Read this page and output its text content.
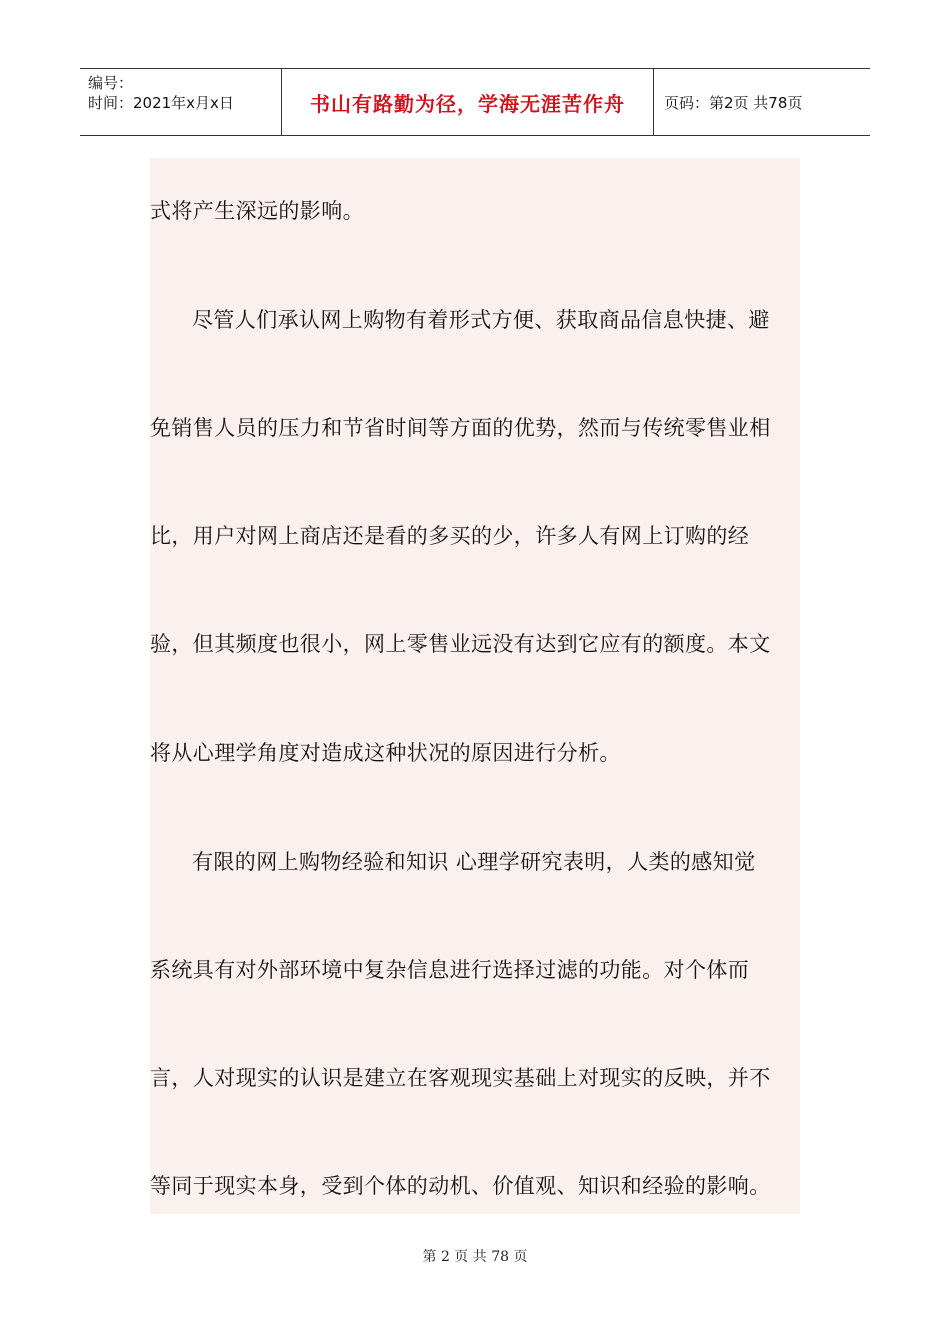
编号：
时间：2021年x月x日	书山有路勤为径，学海无涯苦作舟	页码：第2页 共78页
式将产生深远的影响。
尽管人们承认网上购物有着形式方便、获取商品信息快捷、避
免销售人员的压力和节省时间等方面的优势，然而与传统零售业相
比，用户对网上商店还是看的多买的少，许多人有网上订购的经
验，但其频度也很小，网上零售业远没有达到它应有的额度。本文
将从心理学角度对造成这种状况的原因进行分析。
有限的网上购物经验和知识 心理学研究表明，人类的感知觉
系统具有对外部环境中复杂信息进行选择过滤的功能。对个体而
言，人对现实的认识是建立在客观现实基础上对现实的反映，并不
等同于现实本身，受到个体的动机、价值观、知识和经验的影响。
第 2 页 共 78 页
